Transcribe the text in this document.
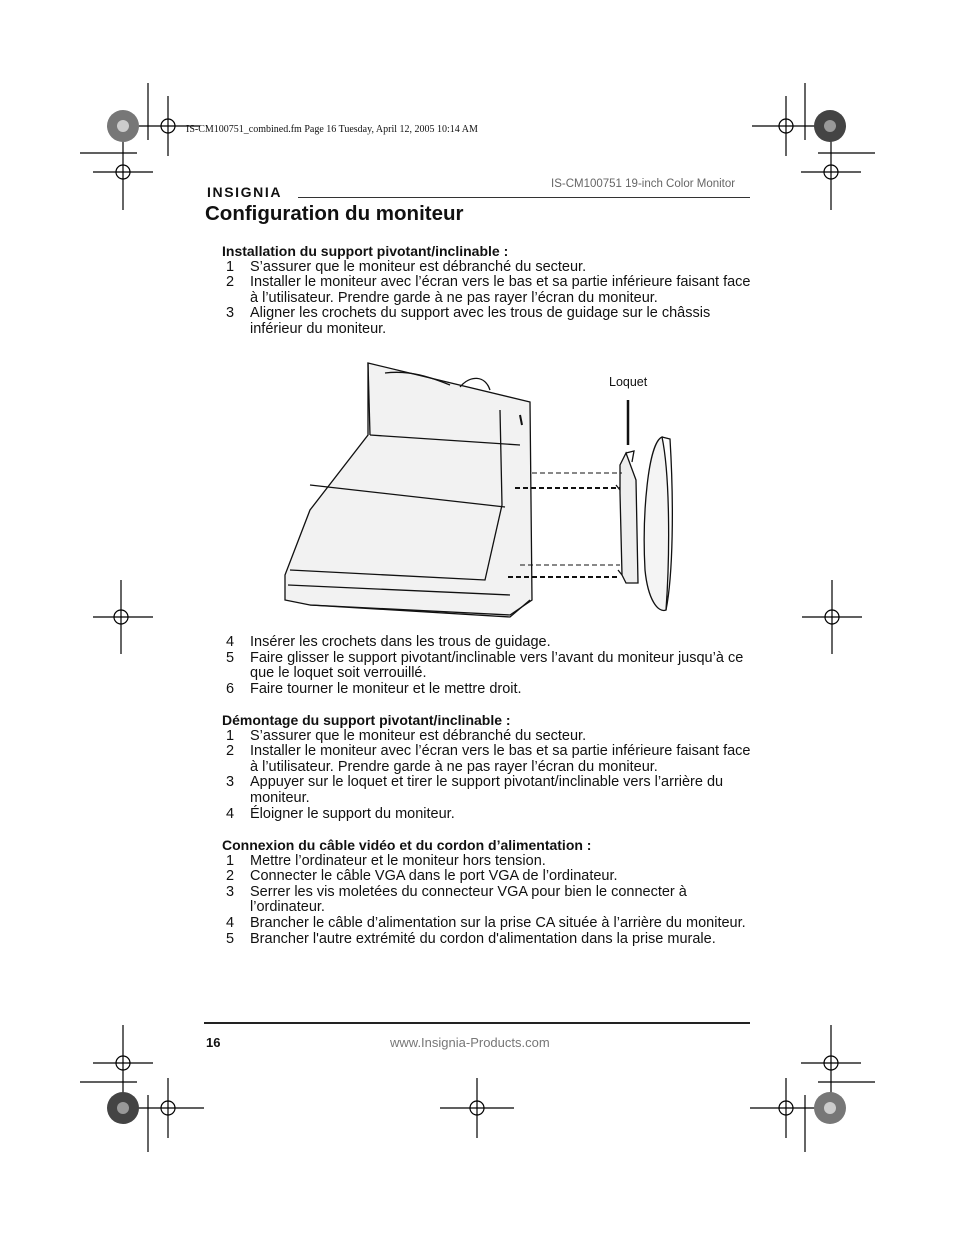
IS-CM100751_combined.fm Page 16 Tuesday, April 12, 2005 10:14 AM
INSIGNIA	IS-CM100751 19-inch Color Monitor
Configuration du moniteur
Installation du support pivotant/inclinable :
1	S’assurer que le moniteur est débranché du secteur.
2	Installer le moniteur avec l’écran vers le bas et sa partie inférieure faisant face à l’utilisateur. Prendre garde à ne pas rayer l’écran du moniteur.
3	Aligner les crochets du support avec les trous de guidage sur le châssis inférieur du moniteur.
Loquet
4	Insérer les crochets dans les trous de guidage.
5	Faire glisser le support pivotant/inclinable vers l’avant du moniteur jusqu’à ce que le loquet soit verrouillé.
6	Faire tourner le moniteur et le mettre droit.
Démontage du support pivotant/inclinable :
1	S’assurer que le moniteur est débranché du secteur.
2	Installer le moniteur avec l’écran vers le bas et sa partie inférieure faisant face à l’utilisateur. Prendre garde à ne pas rayer l’écran du moniteur.
3	Appuyer sur le loquet et tirer le support pivotant/inclinable vers l’arrière du moniteur.
4	Éloigner le support du moniteur.
Connexion du câble vidéo et du cordon d’alimentation :
1	Mettre l’ordinateur et le moniteur hors tension.
2	Connecter le câble VGA dans le port VGA de l’ordinateur.
3	Serrer les vis moletées du connecteur VGA pour bien le connecter à l’ordinateur.
4	Brancher le câble d’alimentation sur la prise CA située à l’arrière du moniteur.
5	Brancher l'autre extrémité du cordon d'alimentation dans la prise murale.
16	www.Insignia-Products.com
